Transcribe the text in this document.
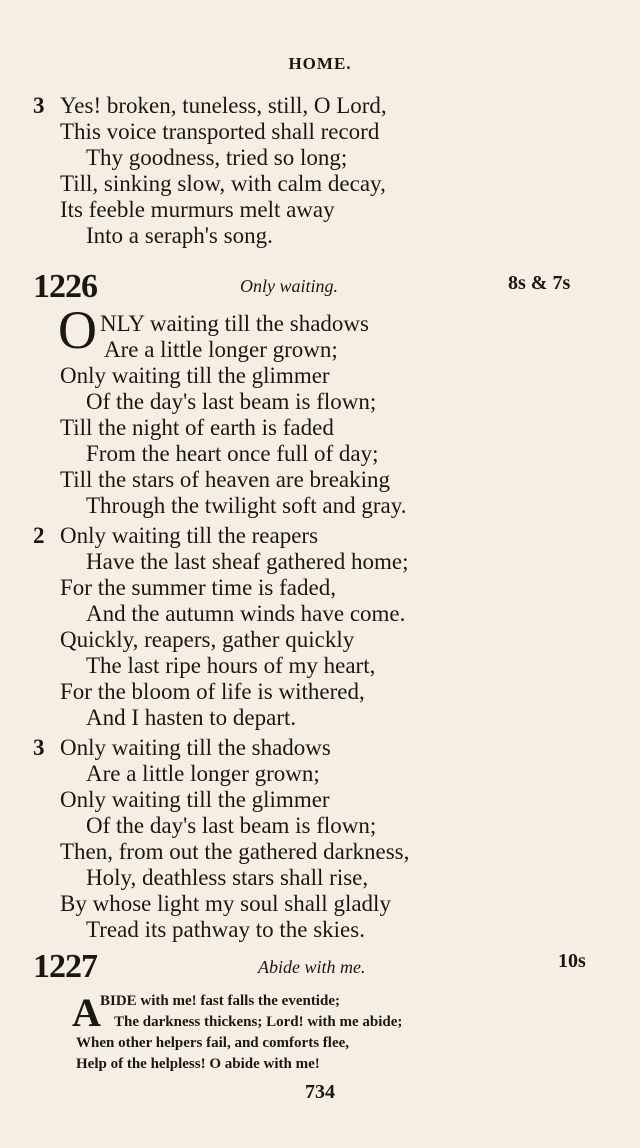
HOME.
3 Yes! broken, tuneless, still, O Lord,
This voice transported shall record
Thy goodness, tried so long;
Till, sinking slow, with calm decay,
Its feeble murmurs melt away
Into a seraph's song.
1226	Only waiting.	8s & 7s
O NLY waiting till the shadows
Are a little longer grown;
Only waiting till the glimmer
Of the day's last beam is flown;
Till the night of earth is faded
From the heart once full of day;
Till the stars of heaven are breaking
Through the twilight soft and gray.
2 Only waiting till the reapers
Have the last sheaf gathered home;
For the summer time is faded,
And the autumn winds have come.
Quickly, reapers, gather quickly
The last ripe hours of my heart,
For the bloom of life is withered,
And I hasten to depart.
3 Only waiting till the shadows
Are a little longer grown;
Only waiting till the glimmer
Of the day's last beam is flown;
Then, from out the gathered darkness,
Holy, deathless stars shall rise,
By whose light my soul shall gladly
Tread its pathway to the skies.
1227	Abide with me.	10s
A BIDE with me! fast falls the eventide;
The darkness thickens; Lord! with me abide;
When other helpers fail, and comforts flee,
Help of the helpless! O abide with me!
734
